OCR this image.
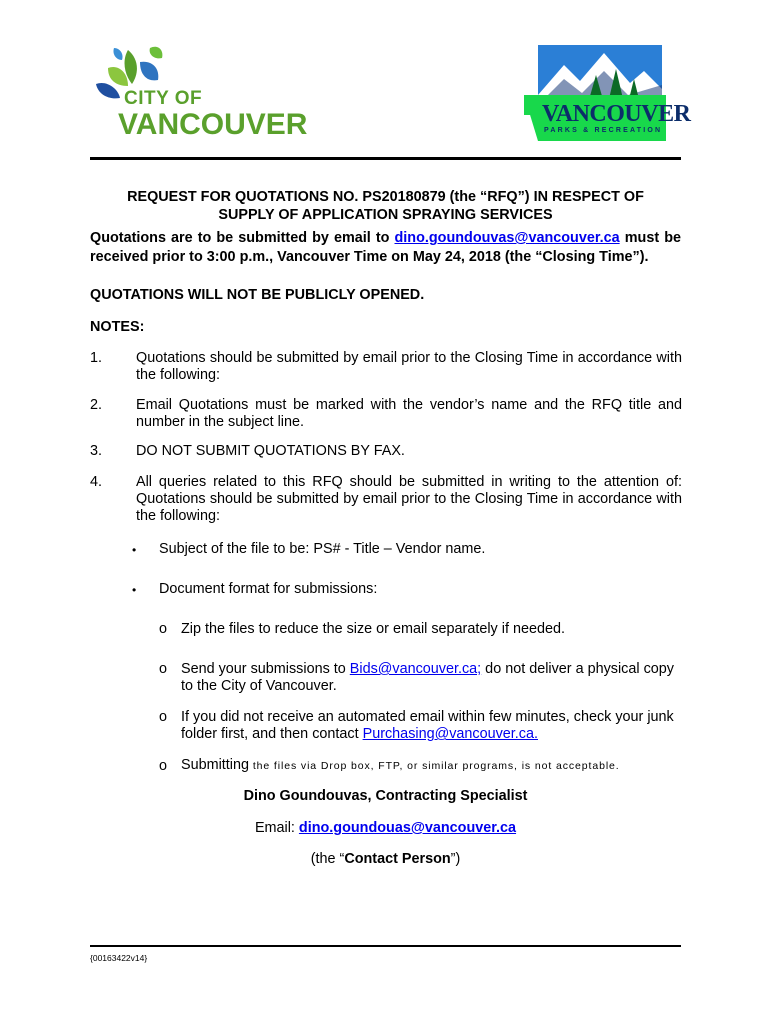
CITY OF
VANCOUVER	VANCOUVER
PARKS & RECREATION
REQUEST FOR QUOTATIONS NO. PS20180879 (the “RFQ”) IN RESPECT OF
SUPPLY OF APPLICATION SPRAYING SERVICES
Quotations are to be submitted by email to dino.goundouvas@vancouver.ca must be received prior to 3:00 p.m., Vancouver Time on May 24, 2018 (the “Closing Time”).
QUOTATIONS WILL NOT BE PUBLICLY OPENED.
NOTES:
1. Quotations should be submitted by email prior to the Closing Time in accordance with the following:
2. Email Quotations must be marked with the vendor’s name and the RFQ title and number in the subject line.
3. DO NOT SUBMIT QUOTATIONS BY FAX.
4. All queries related to this RFQ should be submitted in writing to the attention of: Quotations should be submitted by email prior to the Closing Time in accordance with the following:
• Subject of the file to be: PS# - Title – Vendor name.
• Document format for submissions:
o Zip the files to reduce the size or email separately if needed.
o Send your submissions to Bids@vancouver.ca; do not deliver a physical copy to the City of Vancouver.
o If you did not receive an automated email within few minutes, check your junk folder first, and then contact Purchasing@vancouver.ca.
o Submitting the files via Drop box, FTP, or similar programs, is not acceptable.
Dino Goundouvas, Contracting Specialist
Email: dino.goundouas@vancouver.ca
(the “Contact Person”)
{00163422v14}
